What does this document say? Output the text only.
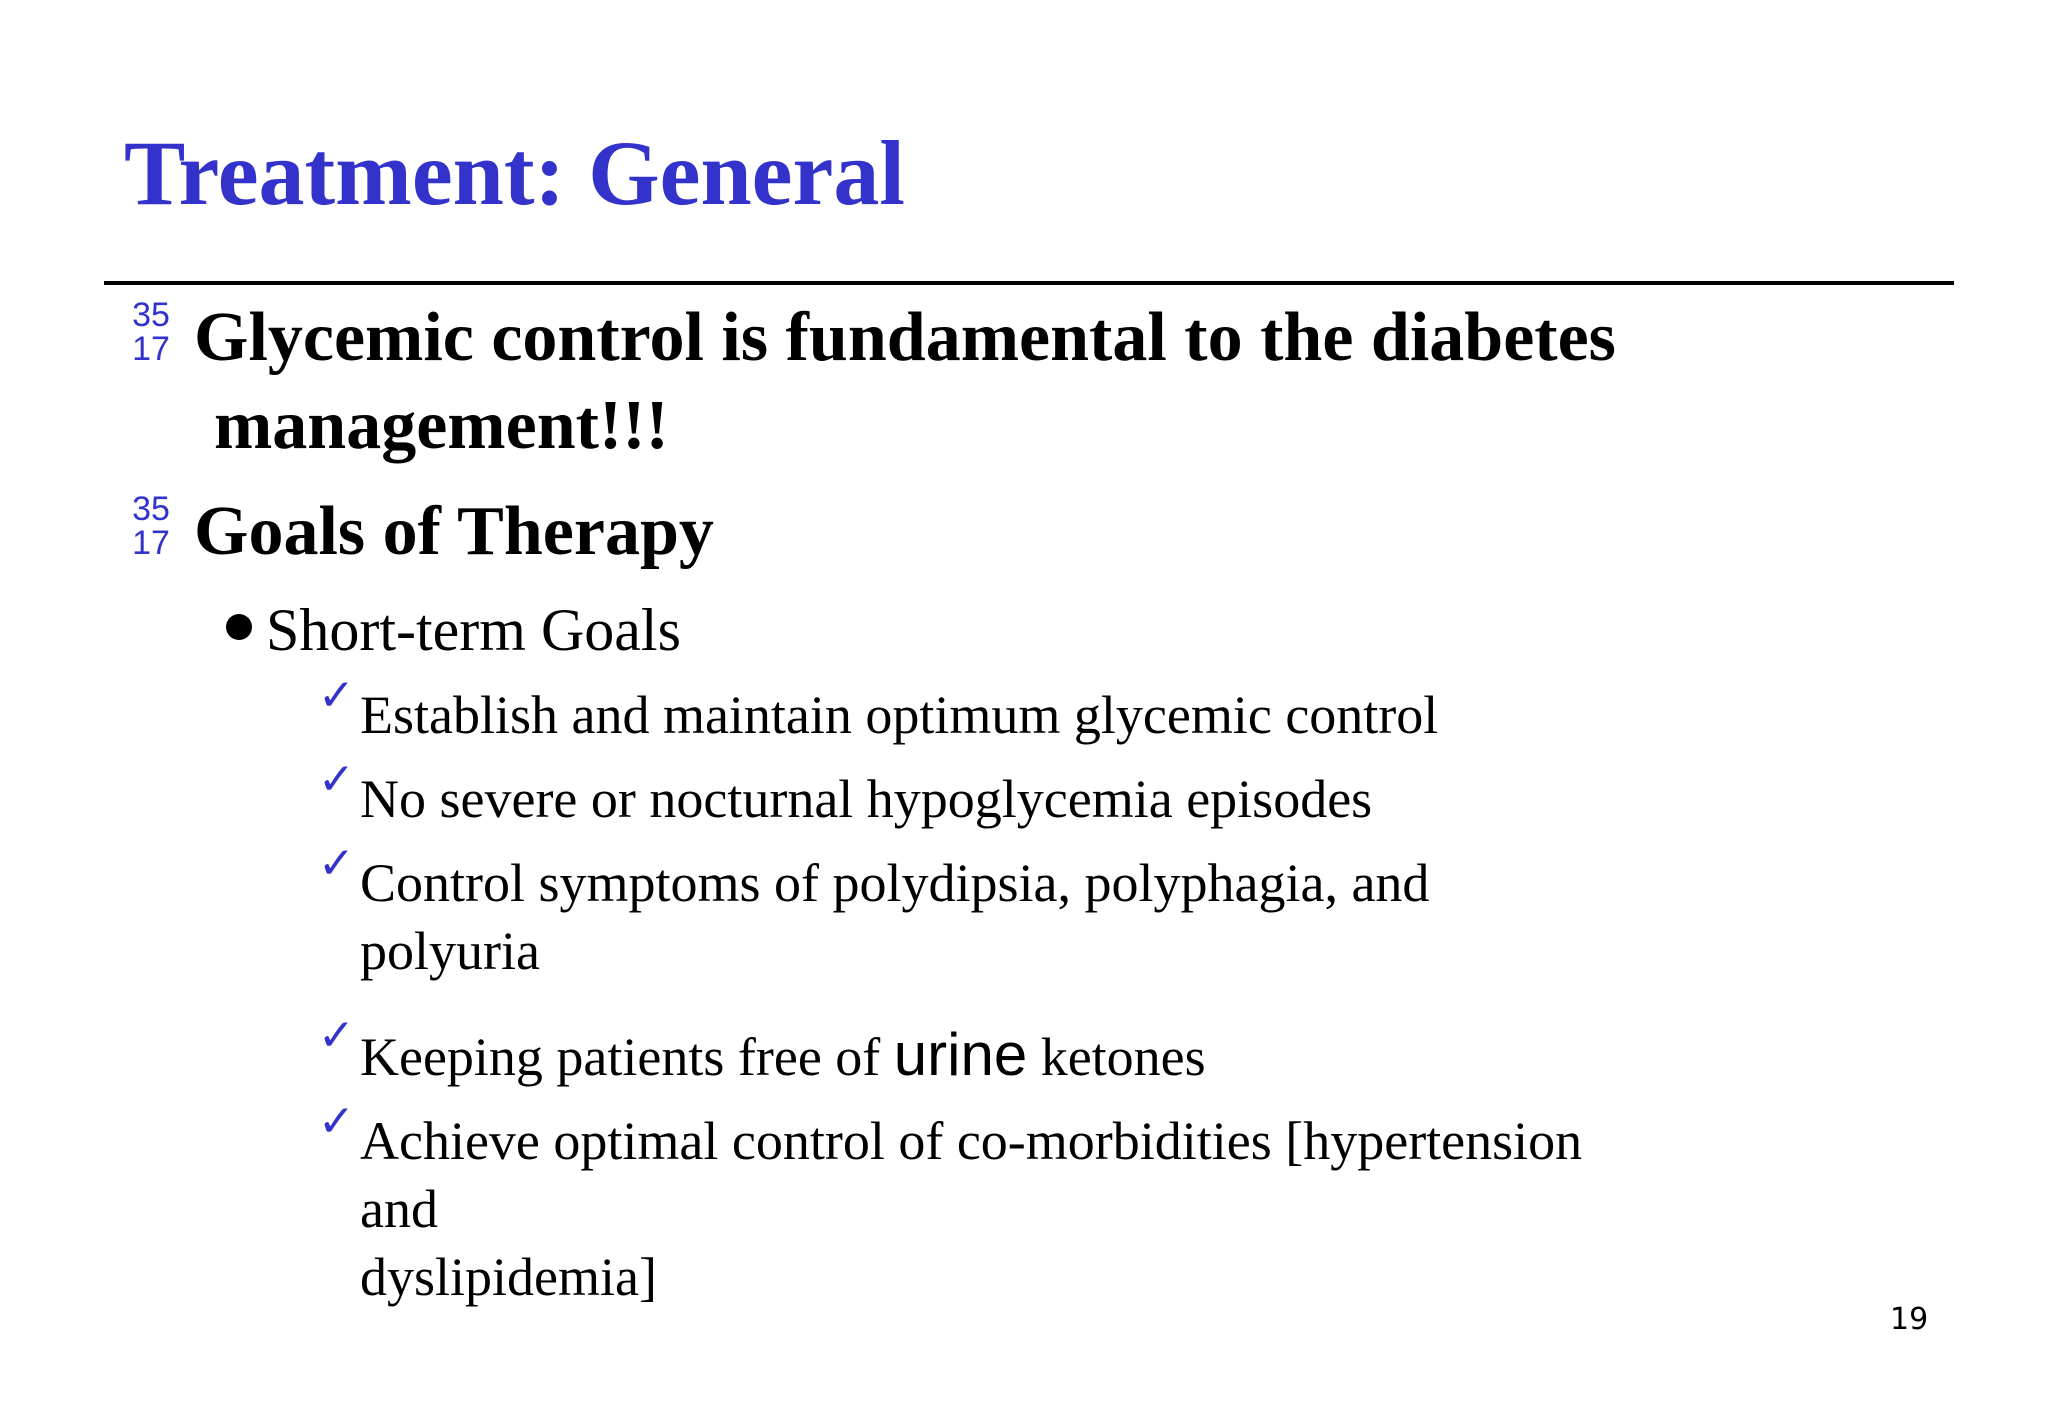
Treatment: General
35
17 Glycemic control is fundamental to the diabetes
management!!!
35
17 Goals of Therapy
Short-term Goals
✓ Establish and maintain optimum glycemic control
✓ No severe or nocturnal hypoglycemia episodes
✓ Control symptoms of polydipsia, polyphagia, and
polyuria
✓ Keeping patients free of urine ketones
✓ Achieve optimal control of co-morbidities [hypertension
and
dyslipidemia]
19
